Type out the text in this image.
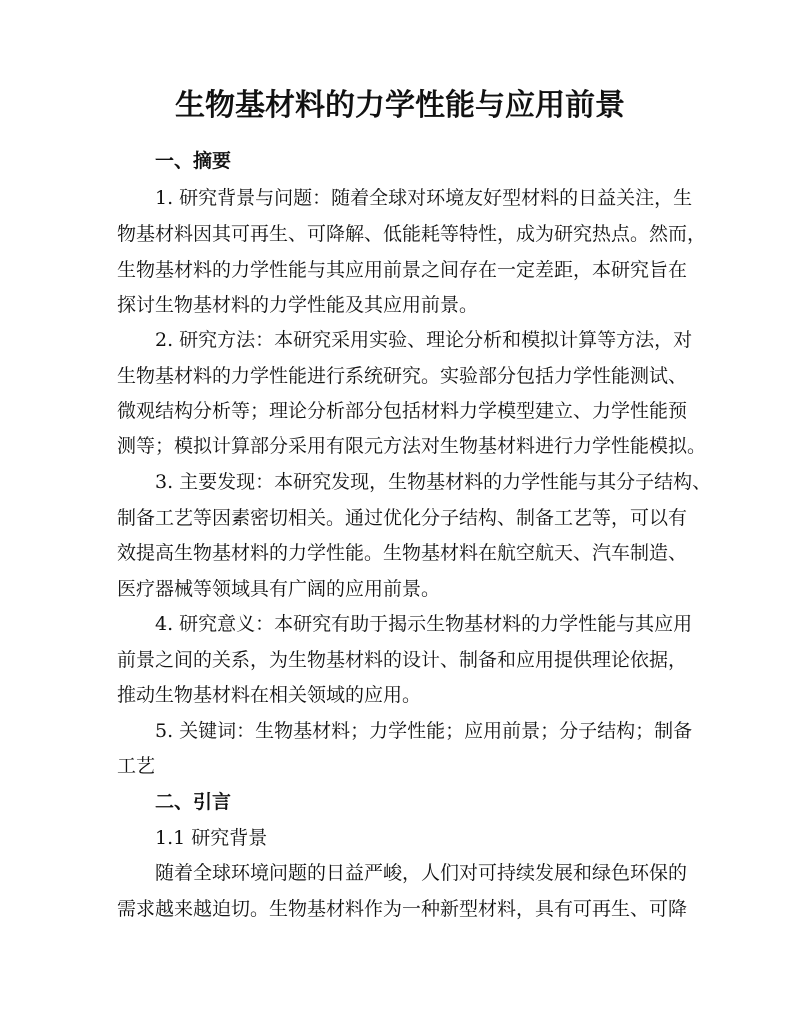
生物基材料的力学性能与应用前景
一、摘要
1. 研究背景与问题：随着全球对环境友好型材料的日益关注，生
物基材料因其可再生、可降解、低能耗等特性，成为研究热点。然而，
生物基材料的力学性能与其应用前景之间存在一定差距，本研究旨在
探讨生物基材料的力学性能及其应用前景。
2. 研究方法：本研究采用实验、理论分析和模拟计算等方法，对
生物基材料的力学性能进行系统研究。实验部分包括力学性能测试、
微观结构分析等；理论分析部分包括材料力学模型建立、力学性能预
测等；模拟计算部分采用有限元方法对生物基材料进行力学性能模拟。
3. 主要发现：本研究发现，生物基材料的力学性能与其分子结构、
制备工艺等因素密切相关。通过优化分子结构、制备工艺等，可以有
效提高生物基材料的力学性能。生物基材料在航空航天、汽车制造、
医疗器械等领域具有广阔的应用前景。
4. 研究意义：本研究有助于揭示生物基材料的力学性能与其应用
前景之间的关系，为生物基材料的设计、制备和应用提供理论依据，
推动生物基材料在相关领域的应用。
5. 关键词：生物基材料；力学性能；应用前景；分子结构；制备
工艺
二、引言
1.1 研究背景
随着全球环境问题的日益严峻，人们对可持续发展和绿色环保的
需求越来越迫切。生物基材料作为一种新型材料，具有可再生、可降
